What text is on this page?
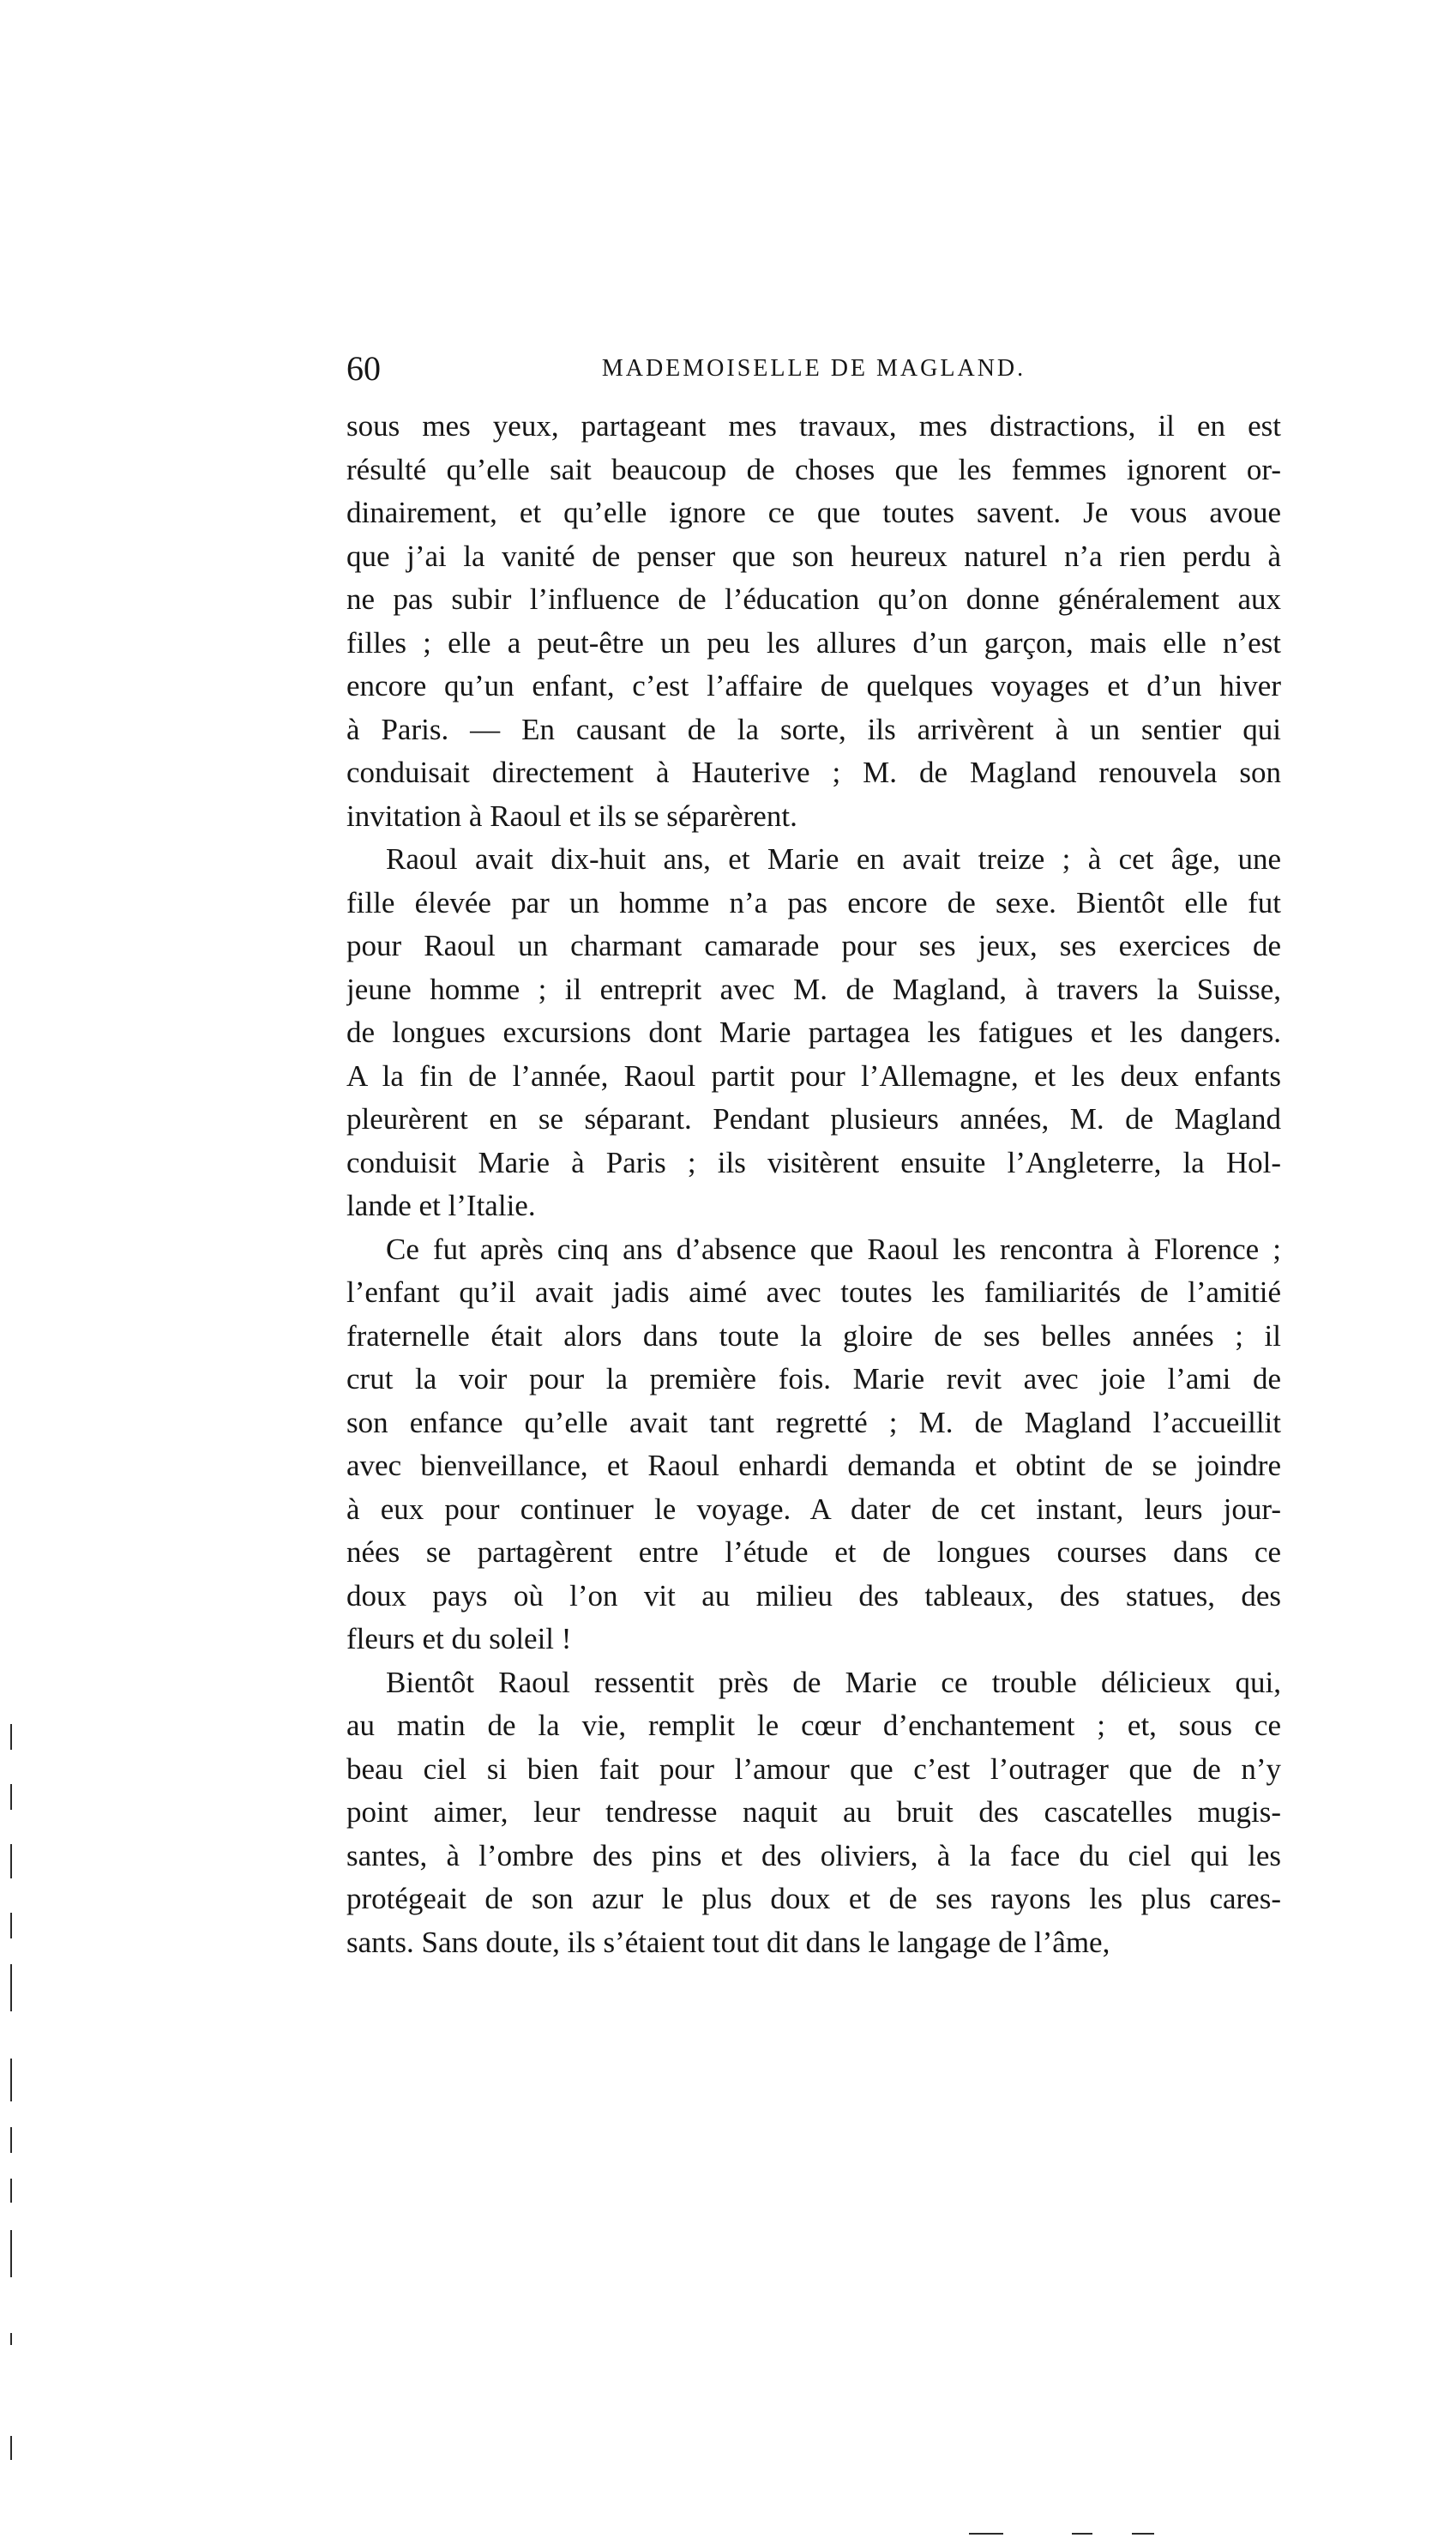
60	MADEMOISELLE DE MAGLAND.
sous mes yeux, partageant mes travaux, mes distractions, il en est
résulté qu’elle sait beaucoup de choses que les femmes ignorent or-
dinairement, et qu’elle ignore ce que toutes savent. Je vous avoue
que j’ai la vanité de penser que son heureux naturel n’a rien perdu à
ne pas subir l’influence de l’éducation qu’on donne généralement aux
filles ; elle a peut-être un peu les allures d’un garçon, mais elle n’est
encore qu’un enfant, c’est l’affaire de quelques voyages et d’un hiver
à Paris. — En causant de la sorte, ils arrivèrent à un sentier qui
conduisait directement à Hauterive ; M. de Magland renouvela son
invitation à Raoul et ils se séparèrent.
Raoul avait dix-huit ans, et Marie en avait treize ; à cet âge, une
fille élevée par un homme n’a pas encore de sexe. Bientôt elle fut
pour Raoul un charmant camarade pour ses jeux, ses exercices de
jeune homme ; il entreprit avec M. de Magland, à travers la Suisse,
de longues excursions dont Marie partagea les fatigues et les dangers.
A la fin de l’année, Raoul partit pour l’Allemagne, et les deux enfants
pleurèrent en se séparant. Pendant plusieurs années, M. de Magland
conduisit Marie à Paris ; ils visitèrent ensuite l’Angleterre, la Hol-
lande et l’Italie.
Ce fut après cinq ans d’absence que Raoul les rencontra à Florence ;
l’enfant qu’il avait jadis aimé avec toutes les familiarités de l’amitié
fraternelle était alors dans toute la gloire de ses belles années ; il
crut la voir pour la première fois. Marie revit avec joie l’ami de
son enfance qu’elle avait tant regretté ; M. de Magland l’accueillit
avec bienveillance, et Raoul enhardi demanda et obtint de se joindre
à eux pour continuer le voyage. A dater de cet instant, leurs jour-
nées se partagèrent entre l’étude et de longues courses dans ce
doux pays où l’on vit au milieu des tableaux, des statues, des
fleurs et du soleil !
Bientôt Raoul ressentit près de Marie ce trouble délicieux qui,
au matin de la vie, remplit le cœur d’enchantement ; et, sous ce
beau ciel si bien fait pour l’amour que c’est l’outrager que de n’y
point aimer, leur tendresse naquit au bruit des cascatelles mugis-
santes, à l’ombre des pins et des oliviers, à la face du ciel qui les
protégeait de son azur le plus doux et de ses rayons les plus cares-
sants. Sans doute, ils s’étaient tout dit dans le langage de l’âme,
